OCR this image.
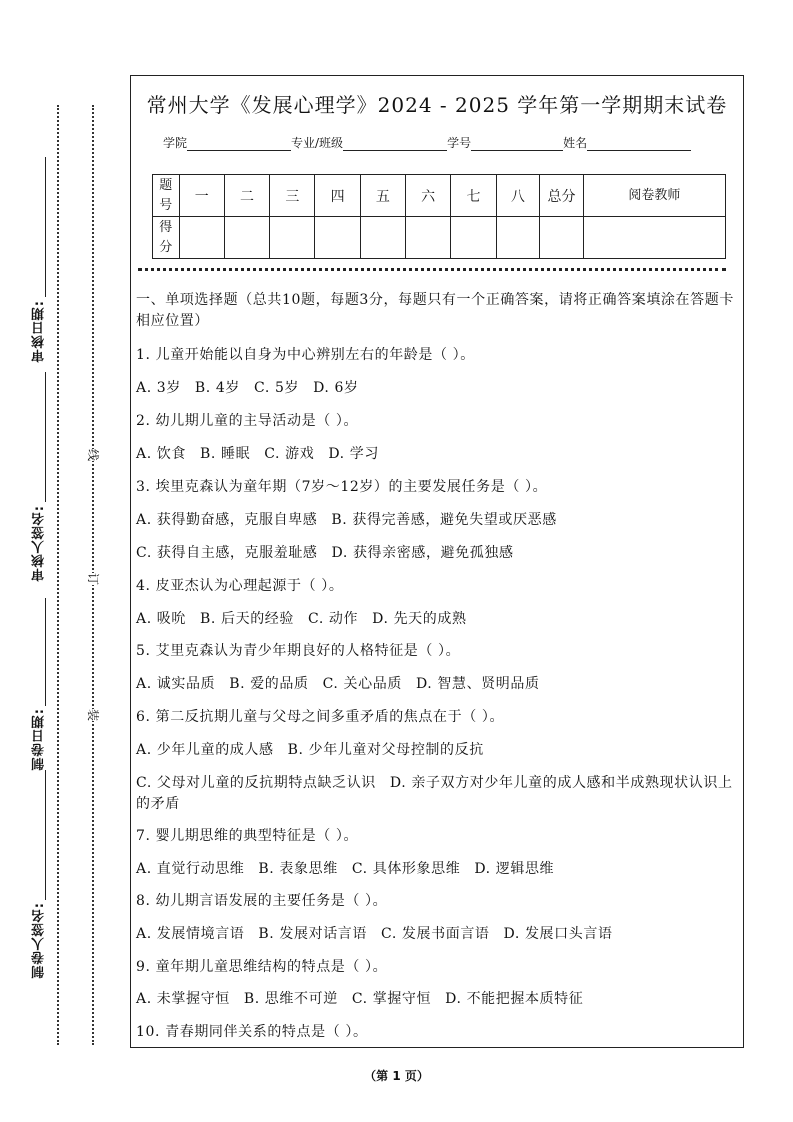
审核日期:
审核人签名:
制卷日期:
制卷人签名:
线
订
装
常州大学《发展心理学》2024 - 2025 学年第一学期期末试卷
学院	专业/班级	学号	姓名
题号	一	二	三	四	五	六	七	八	总分	阅卷教师
得分										
一、单项选择题（总共10题，每题3分，每题只有一个正确答案，请将正确答案填涂在答题卡相应位置）
1. 儿童开始能以自身为中心辨别左右的年龄是（ ）。
A. 3岁 B. 4岁 C. 5岁 D. 6岁
2. 幼儿期儿童的主导活动是（ ）。
A. 饮食 B. 睡眠 C. 游戏 D. 学习
3. 埃里克森认为童年期（7岁～12岁）的主要发展任务是（ ）。
A. 获得勤奋感，克服自卑感 B. 获得完善感，避免失望或厌恶感
C. 获得自主感，克服羞耻感 D. 获得亲密感，避免孤独感
4. 皮亚杰认为心理起源于（ ）。
A. 吸吮 B. 后天的经验 C. 动作 D. 先天的成熟
5. 艾里克森认为青少年期良好的人格特征是（ ）。
A. 诚实品质 B. 爱的品质 C. 关心品质 D. 智慧、贤明品质
6. 第二反抗期儿童与父母之间多重矛盾的焦点在于（ ）。
A. 少年儿童的成人感 B. 少年儿童对父母控制的反抗
C. 父母对儿童的反抗期特点缺乏认识 D. 亲子双方对少年儿童的成人感和半成熟现状认识上的矛盾
7. 婴儿期思维的典型特征是（ ）。
A. 直觉行动思维 B. 表象思维 C. 具体形象思维 D. 逻辑思维
8. 幼儿期言语发展的主要任务是（ ）。
A. 发展情境言语 B. 发展对话言语 C. 发展书面言语 D. 发展口头言语
9. 童年期儿童思维结构的特点是（ ）。
A. 未掌握守恒 B. 思维不可逆 C. 掌握守恒 D. 不能把握本质特征
10. 青春期同伴关系的特点是（ ）。
（第 1 页）
